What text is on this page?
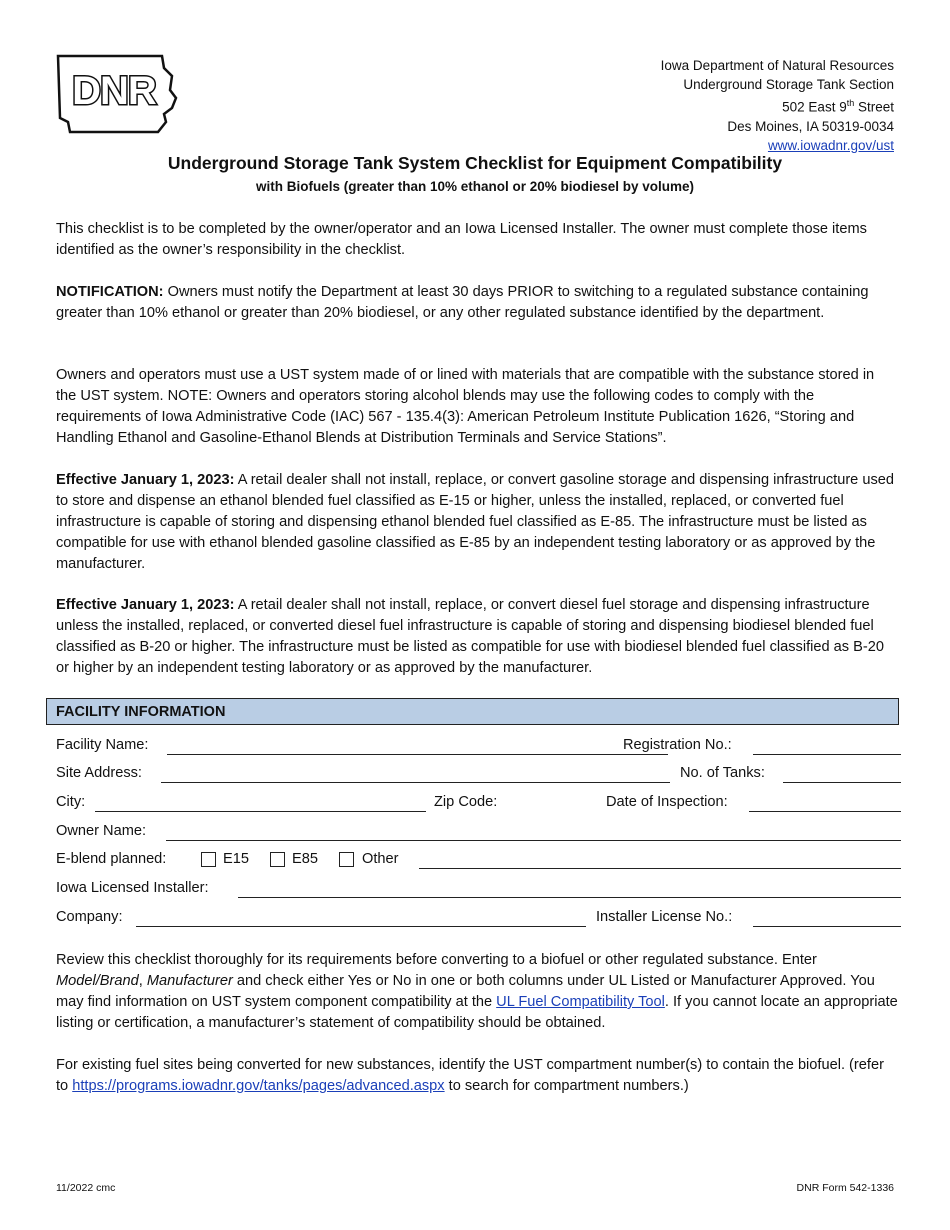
DNR
Iowa Department of Natural Resources
Underground Storage Tank Section
502 East 9th Street
Des Moines, IA 50319-0034
www.iowadnr.gov/ust
Underground Storage Tank System Checklist for Equipment Compatibility
with Biofuels (greater than 10% ethanol or 20% biodiesel by volume)
This checklist is to be completed by the owner/operator and an Iowa Licensed Installer. The owner must complete those items identified as the owner’s responsibility in the checklist.
NOTIFICATION: Owners must notify the Department at least 30 days PRIOR to switching to a regulated substance containing greater than 10% ethanol or greater than 20% biodiesel, or any other regulated substance identified by the department.
Owners and operators must use a UST system made of or lined with materials that are compatible with the substance stored in the UST system. NOTE: Owners and operators storing alcohol blends may use the following codes to comply with the requirements of Iowa Administrative Code (IAC) 567 - 135.4(3): American Petroleum Institute Publication 1626, “Storing and Handling Ethanol and Gasoline-Ethanol Blends at Distribution Terminals and Service Stations”.
Effective January 1, 2023: A retail dealer shall not install, replace, or convert gasoline storage and dispensing infrastructure used to store and dispense an ethanol blended fuel classified as E-15 or higher, unless the installed, replaced, or converted fuel infrastructure is capable of storing and dispensing ethanol blended fuel classified as E-85. The infrastructure must be listed as compatible for use with ethanol blended gasoline classified as E-85 by an independent testing laboratory or as approved by the manufacturer.
Effective January 1, 2023: A retail dealer shall not install, replace, or convert diesel fuel storage and dispensing infrastructure unless the installed, replaced, or converted diesel fuel infrastructure is capable of storing and dispensing biodiesel blended fuel classified as B-20 or higher. The infrastructure must be listed as compatible for use with biodiesel blended fuel classified as B-20 or higher by an independent testing laboratory or as approved by the manufacturer.
FACILITY INFORMATION
Facility Name:	Registration No.:
Site Address:	No. of Tanks:
City:	Zip Code:	Date of Inspection:
Owner Name:
E-blend planned:	E15	E85	Other
Iowa Licensed Installer:
Company:	Installer License No.:
Review this checklist thoroughly for its requirements before converting to a biofuel or other regulated substance. Enter Model/Brand, Manufacturer and check either Yes or No in one or both columns under UL Listed or Manufacturer Approved. You may find information on UST system component compatibility at the UL Fuel Compatibility Tool. If you cannot locate an appropriate listing or certification, a manufacturer’s statement of compatibility should be obtained.
For existing fuel sites being converted for new substances, identify the UST compartment number(s) to contain the biofuel. (refer to https://programs.iowadnr.gov/tanks/pages/advanced.aspx to search for compartment numbers.)
11/2022 cmc	DNR Form 542-1336
